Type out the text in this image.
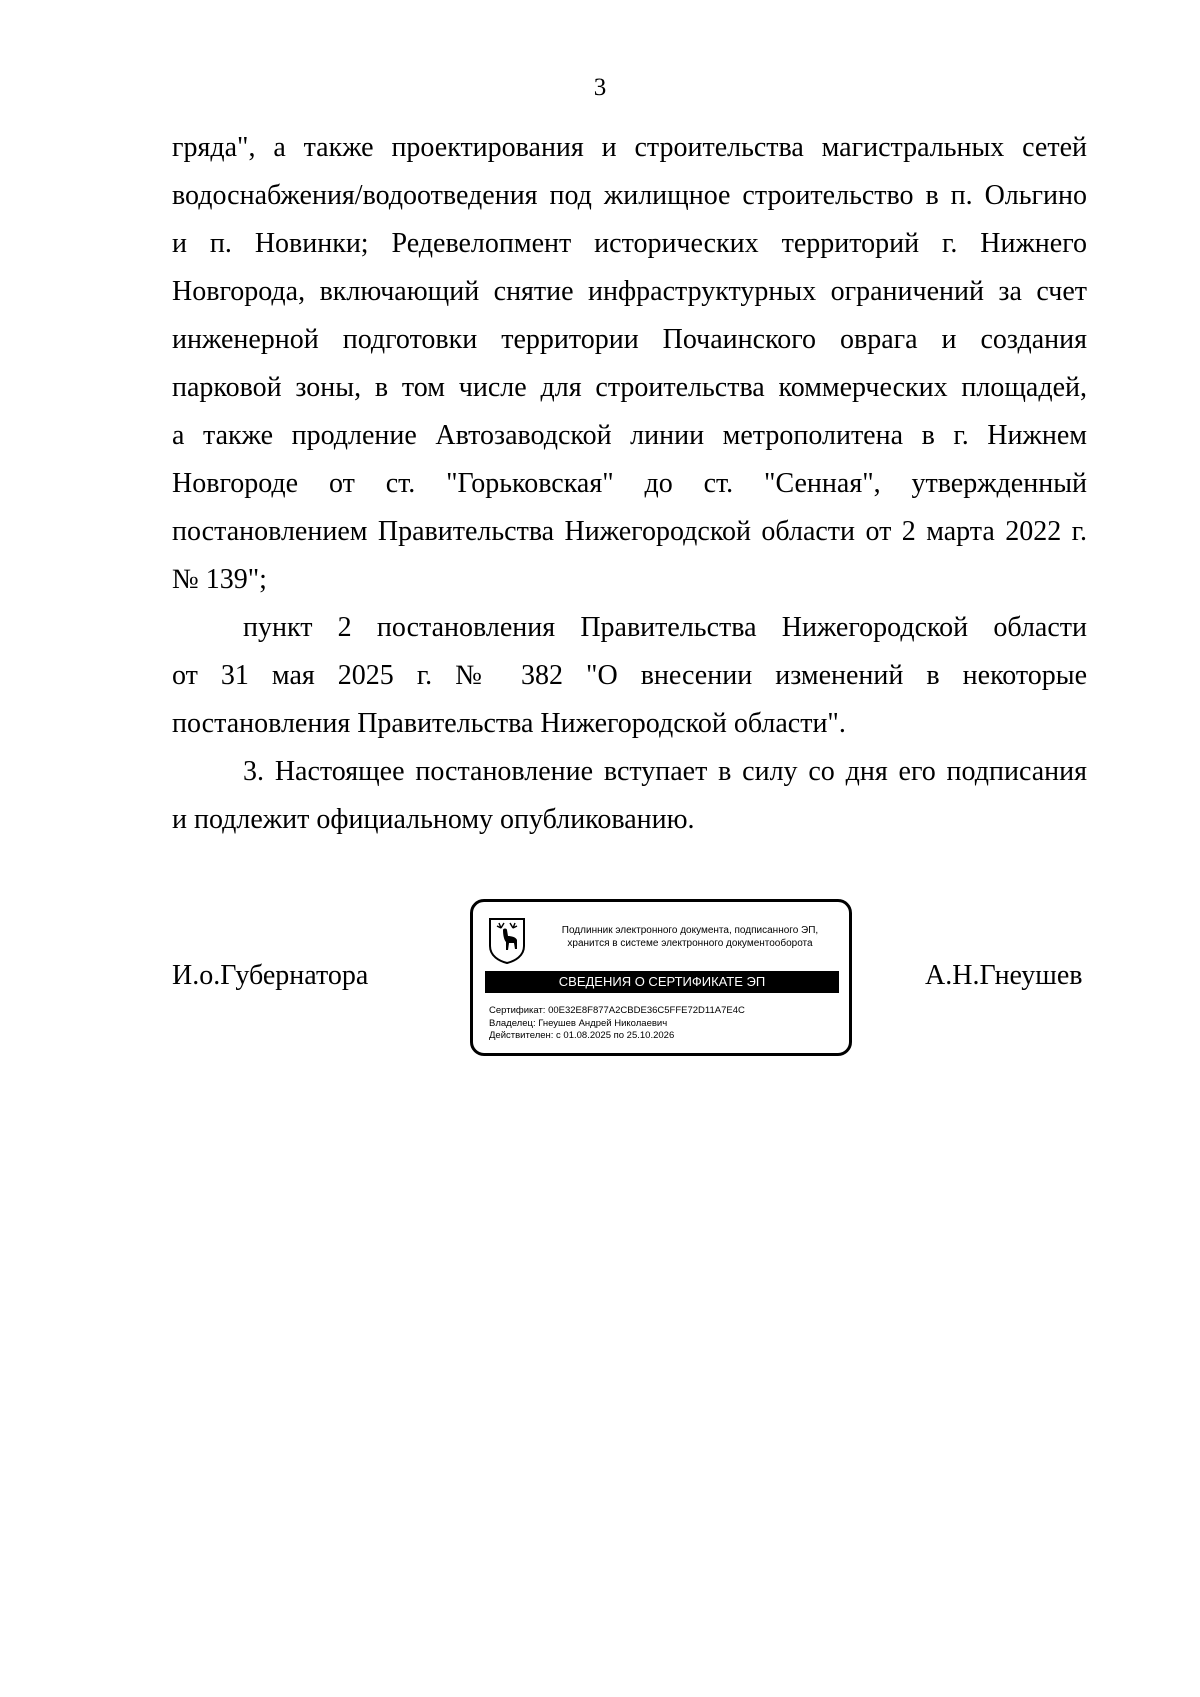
3
гряда", а также проектирования и строительства магистральных сетей
водоснабжения/водоотведения под жилищное строительство в п. Ольгино
и п. Новинки; Редевелопмент исторических территорий г. Нижнего
Новгорода, включающий снятие инфраструктурных ограничений за счет
инженерной подготовки территории Почаинского оврага и создания
парковой зоны, в том числе для строительства коммерческих площадей,
а также продление Автозаводской линии метрополитена в г. Нижнем
Новгороде от ст. "Горьковская" до ст. "Сенная", утвержденный
постановлением Правительства Нижегородской области от 2 марта 2022 г.
№ 139";
пункт 2 постановления Правительства Нижегородской области
от 31 мая 2025 г. № 382 "О внесении изменений в некоторые
постановления Правительства Нижегородской области".
3. Настоящее постановление вступает в силу со дня его подписания
и подлежит официальному опубликованию.
И.о.Губернатора
Подлинник электронного документа, подписанного ЭП,
хранится в системе электронного документооборота
СВЕДЕНИЯ О СЕРТИФИКАТЕ ЭП
Сертификат: 00E32E8F877A2CBDE36C5FFE72D11A7E4C
Владелец: Гнеушев Андрей Николаевич
Действителен: с 01.08.2025 по 25.10.2026
А.Н.Гнеушев
